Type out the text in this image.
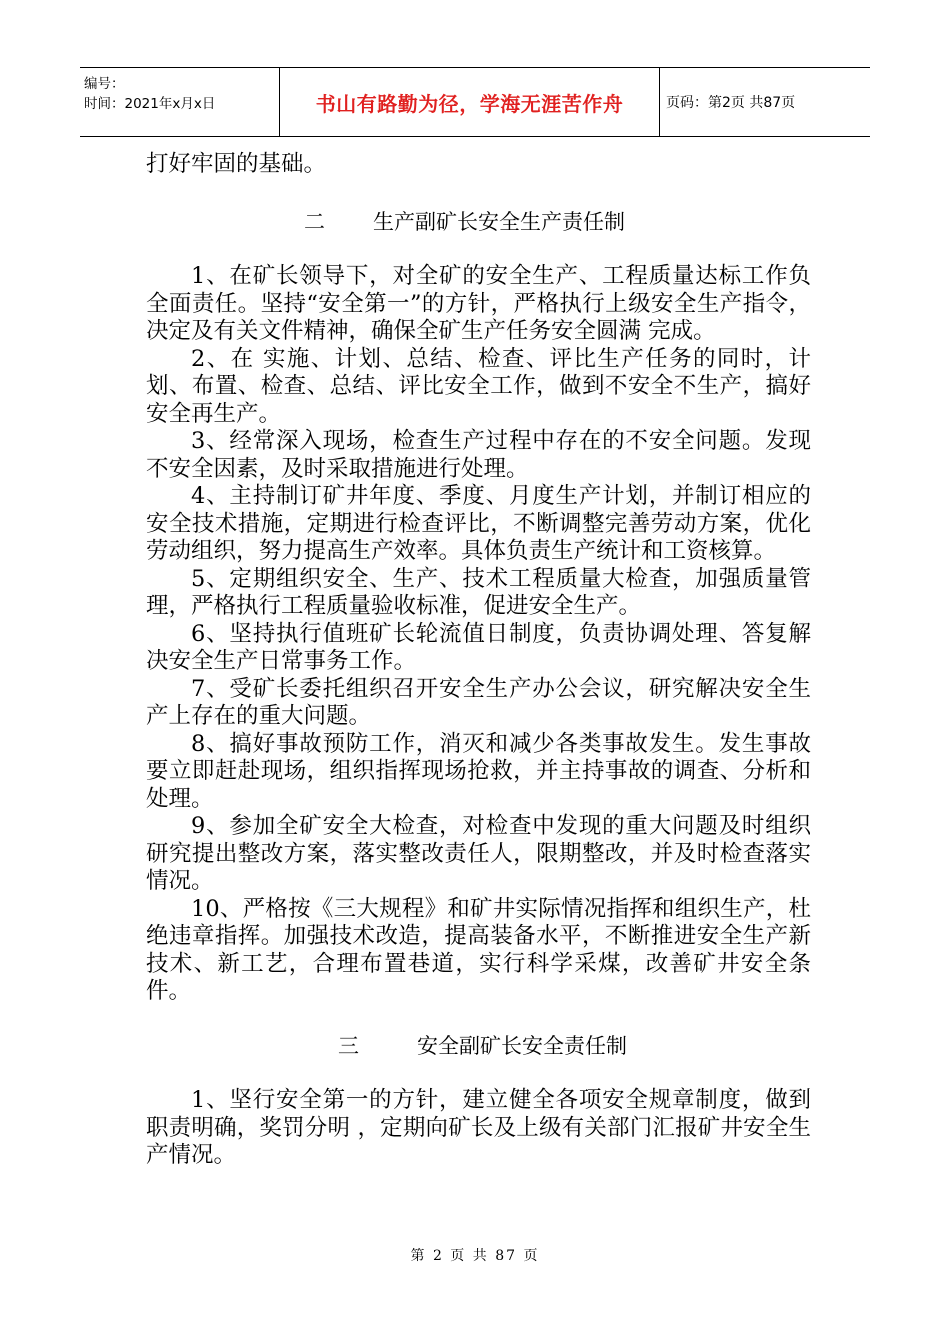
编号：
时间：2021年x月x日	书山有路勤为径，学海无涯苦作舟	页码：第2页 共87页

打好牢固的基础。

二 生产副矿长安全生产责任制

1、在矿长领导下，对全矿的安全生产、工程质量达标工作负全面责任。坚持“安全第一”的方针，严格执行上级安全生产指令，决定及有关文件精神，确保全矿生产任务安全圆满 完成。

2、在 实施、计划、总结、检查、评比生产任务的同时，计划、布置、检查、总结、评比安全工作，做到不安全不生产，搞好安全再生产。

3、经常深入现场，检查生产过程中存在的不安全问题。发现不安全因素，及时采取措施进行处理。

4、主持制订矿井年度、季度、月度生产计划，并制订相应的安全技术措施，定期进行检查评比，不断调整完善劳动方案，优化劳动组织，努力提高生产效率。具体负责生产统计和工资核算。

5、定期组织安全、生产、技术工程质量大检查，加强质量管理，严格执行工程质量验收标准，促进安全生产。

6、坚持执行值班矿长轮流值日制度，负责协调处理、答复解决安全生产日常事务工作。

7、受矿长委托组织召开安全生产办公会议，研究解决安全生产上存在的重大问题。

8、搞好事故预防工作，消灭和减少各类事故发生。发生事故要立即赶赴现场，组织指挥现场抢救，并主持事故的调查、分析和处理。

9、参加全矿安全大检查，对检查中发现的重大问题及时组织研究提出整改方案，落实整改责任人，限期整改，并及时检查落实情况。

10、严格按《三大规程》和矿井实际情况指挥和组织生产，杜绝违章指挥。加强技术改造，提高装备水平，不断推进安全生产新技术、新工艺，合理布置巷道，实行科学采煤，改善矿井安全条件。

三	安全副矿长安全责任制

1、坚行安全第一的方针，建立健全各项安全规章制度，做到职责明确，奖罚分明 ，定期向矿长及上级有关部门汇报矿井安全生产情况。

第 2 页 共 87 页
